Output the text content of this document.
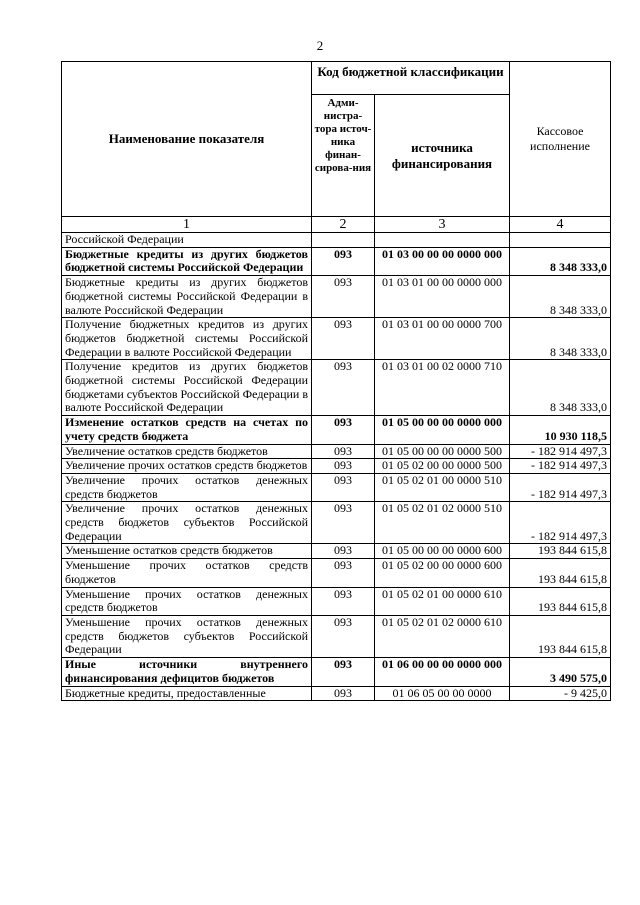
2
Наименование показателя	Код бюджетной классификации		Кассовое исполнение
	Адми-нистра-тора источ-ника финан-сирова-ния	источника финансирования	
1	2	3	4
Российской Федерации			
Бюджетные кредиты из других бюджетов бюджетной системы Российской Федерации	093	01 03 00 00 00 0000 000	8 348 333,0
Бюджетные кредиты из других бюджетов бюджетной системы Российской Федерации в валюте Российской Федерации	093	01 03 01 00 00 0000 000	8 348 333,0
Получение бюджетных кредитов из других бюджетов бюджетной системы Российской Федерации в валюте Российской Федерации	093	01 03 01 00 00 0000 700	8 348 333,0
Получение кредитов из других бюджетов бюджетной системы Российской Федерации бюджетами субъектов Российской Федерации в валюте Российской Федерации	093	01 03 01 00 02 0000 710	8 348 333,0
Изменение остатков средств на счетах по учету средств бюджета	093	01 05 00 00 00 0000 000	10 930 118,5
Увеличение остатков средств бюджетов	093	01 05 00 00 00 0000 500	- 182 914 497,3
Увеличение прочих остатков средств бюджетов	093	01 05 02 00 00 0000 500	- 182 914 497,3
Увеличение прочих остатков денежных средств бюджетов	093	01 05 02 01 00 0000 510	- 182 914 497,3
Увеличение прочих остатков денежных средств бюджетов субъектов Российской Федерации	093	01 05 02 01 02 0000 510	- 182 914 497,3
Уменьшение остатков средств бюджетов	093	01 05 00 00 00 0000 600	193 844 615,8
Уменьшение прочих остатков средств бюджетов	093	01 05 02 00 00 0000 600	193 844 615,8
Уменьшение прочих остатков денежных средств бюджетов	093	01 05 02 01 00 0000 610	193 844 615,8
Уменьшение прочих остатков денежных средств бюджетов субъектов Российской Федерации	093	01 05 02 01 02 0000 610	193 844 615,8
Иные источники внутреннего финансирования дефицитов бюджетов	093	01 06 00 00 00 0000 000	3 490 575,0
Бюджетные кредиты, предоставленные	093	01 06 05 00 00 0000	- 9 425,0
